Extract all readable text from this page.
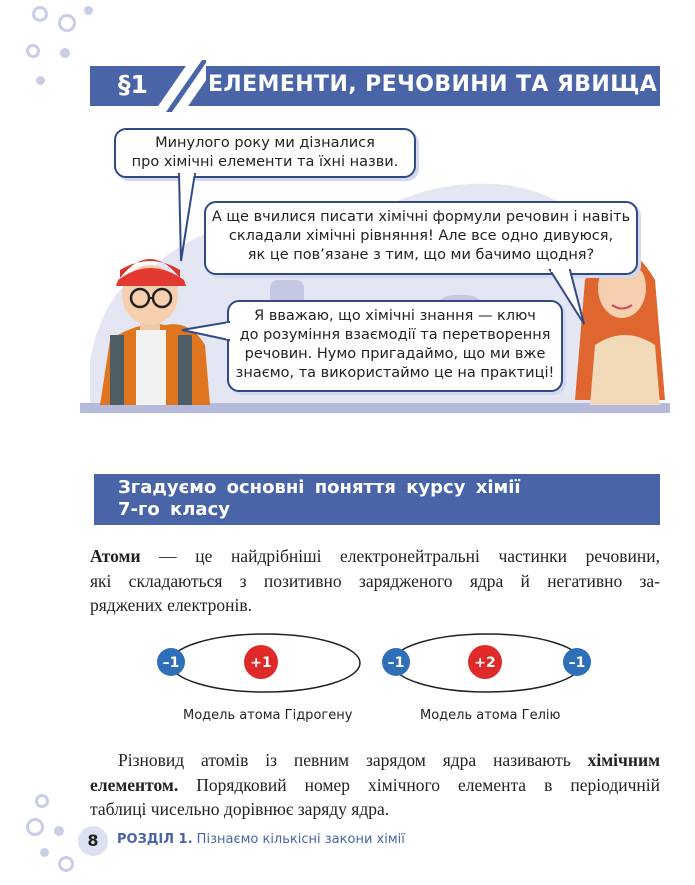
§1	ЕЛЕМЕНТИ, РЕЧОВИНИ ТА ЯВИЩА
Минулого року ми дізналися
про хімічні елементи та їхні назви.
А ще вчилися писати хімічні формули речовин і навіть
складали хімічні рівняння! Але все одно дивуюся,
як це пов’язане з тим, що ми бачимо щодня?
Я вважаю, що хімічні знання — ключ
до розуміння взаємодії та перетворення
речовин. Нумо пригадаймо, що ми вже
знаємо, та використаймо це на практиці!
Згадуємо основні поняття курсу хімії
7-го класу
Атоми — це найдрібніші електронейтральні частинки речовини,
які складаються з позитивно зарядженого ядра й негативно за-
ряджених електронів.
+1
–1
Модель атома Гідрогену
+2
–1	–1
Модель атома Гелію
Різновид атомів із певним зарядом ядра називають хімічним
елементом. Порядковий номер хімічного елемента в періодичній
таблиці чисельно дорівнює заряду ядра.
8	РОЗДІЛ 1. Пізнаємо кількісні закони хімії
